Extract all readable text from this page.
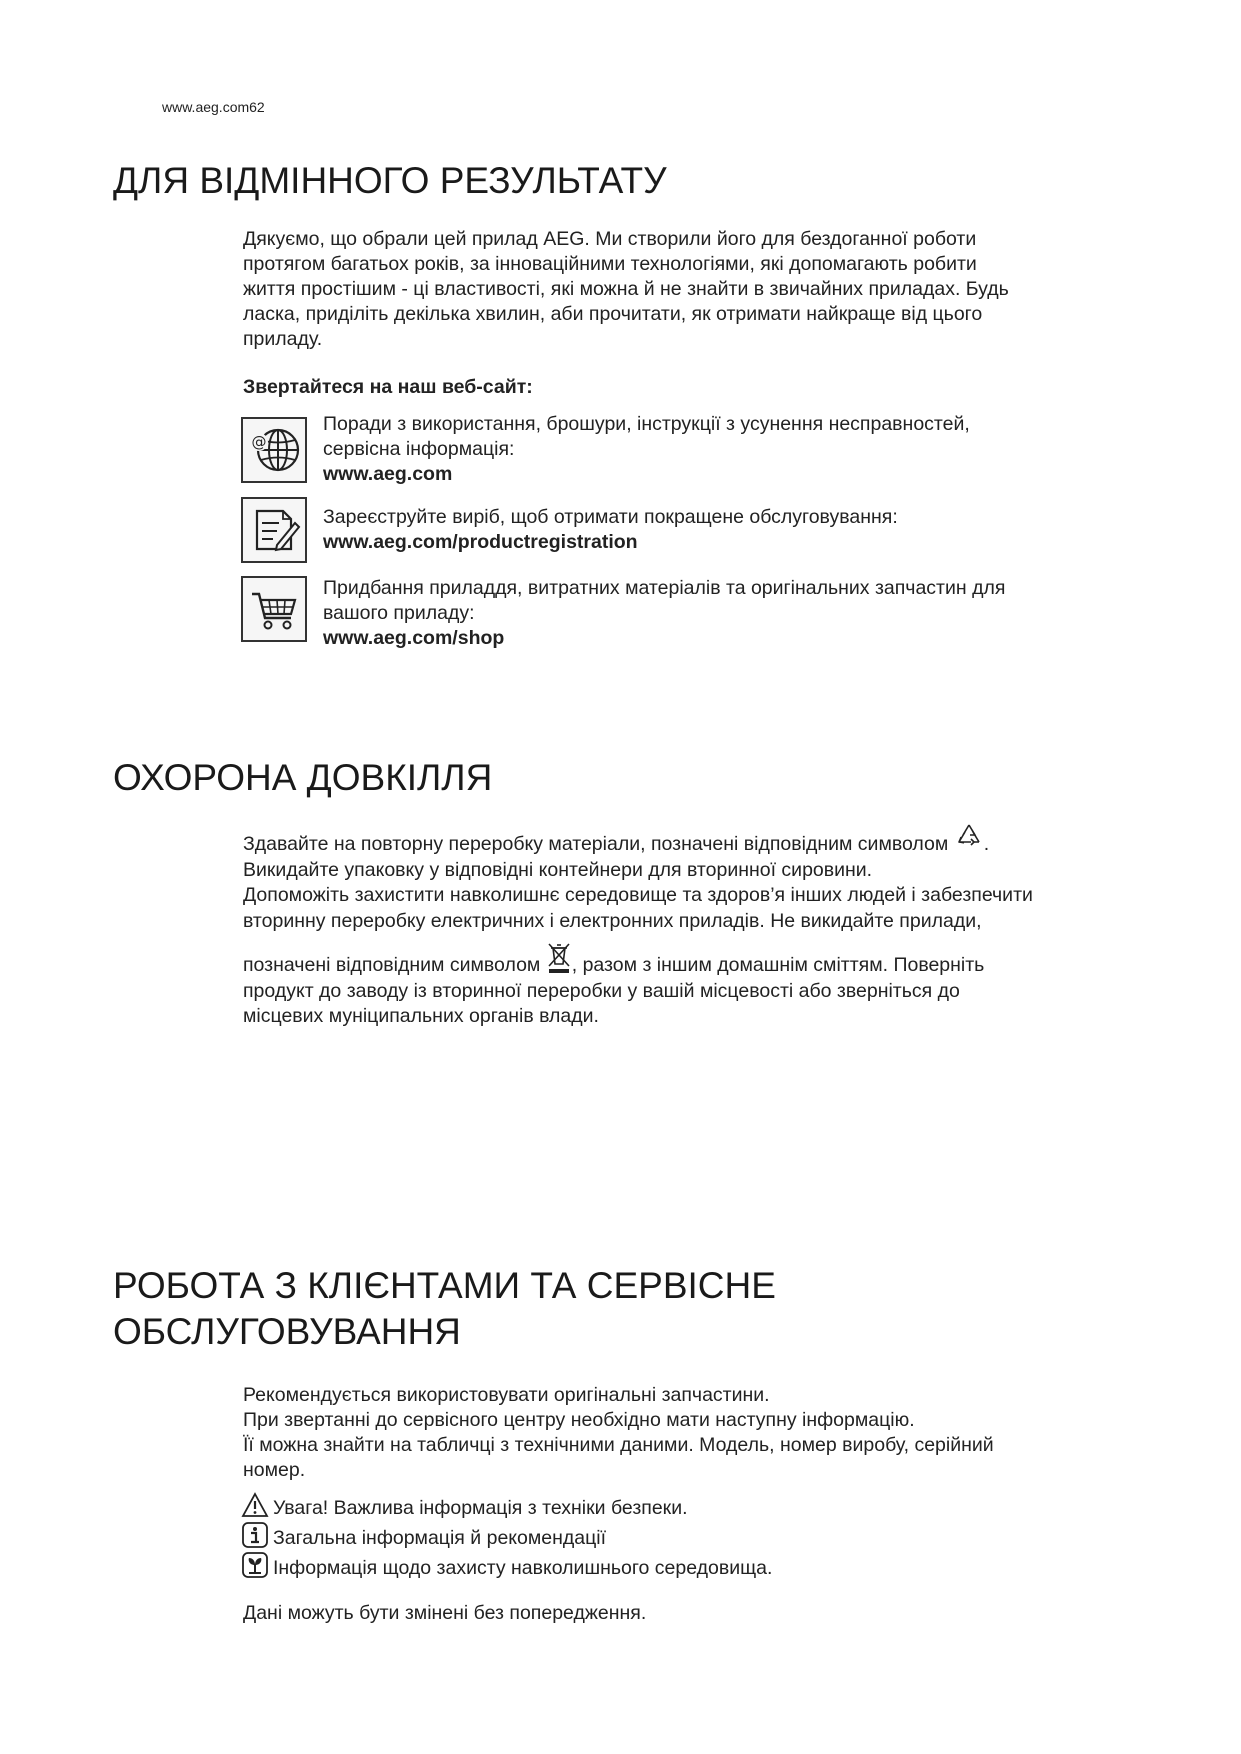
www.aeg.com62
ДЛЯ ВІДМІННОГО РЕЗУЛЬТАТУ

Дякуємо, що обрали цей прилад AEG. Ми створили його для бездоганної роботи

протягом багатьох років, за інноваційними технологіями, які допомагають робити

життя простішим - ці властивості, які можна й не знайти в звичайних приладах. Будь

ласка, приділіть декілька хвилин, аби прочитати, як отримати найкраще від цього

приладу.

Звертайтеся на наш веб-сайт:
@
Поради з використання, брошури, інструкції з усунення несправностей,
сервісна інформація:
www.aeg.com
Зареєструйте виріб, щоб отримати покращене обслуговування:
www.aeg.com/productregistration
Придбання приладдя, витратних матеріалів та оригінальних запчастин для
вашого приладу:
www.aeg.com/shop
ОХОРОНА ДОВКІЛЛЯ

Здавайте на повторну переробку матеріали, позначені відповідним символом .

Викидайте упаковку у відповідні контейнери для вторинної сировини.

Допоможіть захистити навколишнє середовище та здоров’я інших людей і забезпечити

вторинну переробку електричних і електронних приладів. Не викидайте прилади,

позначені відповідним символом , разом з іншим домашнім сміттям. Поверніть

продукт до заводу із вторинної переробки у вашій місцевості або зверніться до

місцевих муніципальних органів влади.

РОБОТА З КЛІЄНТАМИ ТА СЕРВІСНЕ
ОБСЛУГОВУВАННЯ

Рекомендується використовувати оригінальні запчастини.

При звертанні до сервісного центру необхідно мати наступну інформацію.

Її можна знайти на табличці з технічними даними. Модель, номер виробу, серійний

номер.

Увага! Важлива інформація з техніки безпеки.
Загальна інформація й рекомендації
Інформація щодо захисту навколишнього середовища.
Дані можуть бути змінені без попередження.
